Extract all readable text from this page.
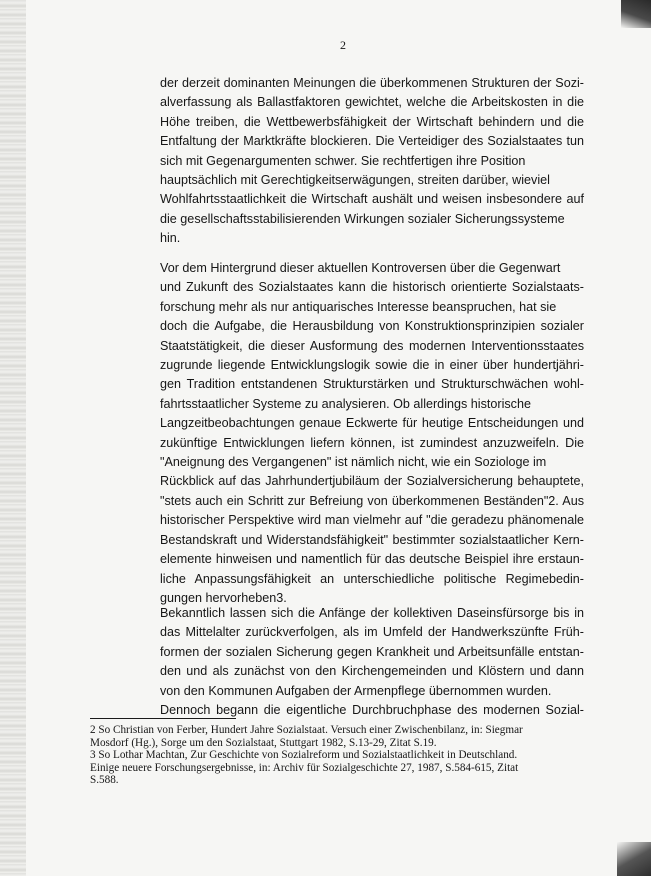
2
der derzeit dominanten Meinungen die überkommenen Strukturen der Sozi-
alverfassung als Ballastfaktoren gewichtet, welche die Arbeitskosten in die
Höhe treiben, die Wettbewerbsfähigkeit der Wirtschaft behindern und die
Entfaltung der Marktkräfte blockieren. Die Verteidiger des Sozialstaates tun
sich mit Gegenargumenten schwer. Sie rechtfertigen ihre Position
hauptsächlich mit Gerechtigkeitserwägungen, streiten darüber, wieviel
Wohlfahrtsstaatlichkeit die Wirtschaft aushält und weisen insbesondere auf
die gesellschaftsstabilisierenden Wirkungen sozialer Sicherungssysteme
hin.
Vor dem Hintergrund dieser aktuellen Kontroversen über die Gegenwart
und Zukunft des Sozialstaates kann die historisch orientierte Sozialstaats-
forschung mehr als nur antiquarisches Interesse beanspruchen, hat sie
doch die Aufgabe, die Herausbildung von Konstruktionsprinzipien sozialer
Staatstätigkeit, die dieser Ausformung des modernen Interventionsstaates
zugrunde liegende Entwicklungslogik sowie die in einer über hundertjähri-
gen Tradition entstandenen Strukturstärken und Strukturschwächen wohl-
fahrtsstaatlicher Systeme zu analysieren. Ob allerdings historische
Langzeitbeobachtungen genaue Eckwerte für heutige Entscheidungen und
zukünftige Entwicklungen liefern können, ist zumindest anzuzweifeln. Die
"Aneignung des Vergangenen" ist nämlich nicht, wie ein Soziologe im
Rückblick auf das Jahrhundertjubiläum der Sozialversicherung behauptete,
"stets auch ein Schritt zur Befreiung von überkommenen Beständen"2. Aus
historischer Perspektive wird man vielmehr auf "die geradezu phänomenale
Bestandskraft und Widerstandsfähigkeit" bestimmter sozialstaatlicher Kern-
elemente hinweisen und namentlich für das deutsche Beispiel ihre erstaun-
liche Anpassungsfähigkeit an unterschiedliche politische Regimebedin-
gungen hervorheben3.
Bekanntlich lassen sich die Anfänge der kollektiven Daseinsfürsorge bis in
das Mittelalter zurückverfolgen, als im Umfeld der Handwerkszünfte Früh-
formen der sozialen Sicherung gegen Krankheit und Arbeitsunfälle entstan-
den und als zunächst von den Kirchengemeinden und Klöstern und dann
von den Kommunen Aufgaben der Armenpflege übernommen wurden.
Dennoch begann die eigentliche Durchbruchphase des modernen Sozial-
2 So Christian von Ferber, Hundert Jahre Sozialstaat. Versuch einer Zwischenbilanz, in: Siegmar
Mosdorf (Hg.), Sorge um den Sozialstaat, Stuttgart 1982, S.13-29, Zitat S.19.
3 So Lothar Machtan, Zur Geschichte von Sozialreform und Sozialstaatlichkeit in Deutschland.
Einige neuere Forschungsergebnisse, in: Archiv für Sozialgeschichte 27, 1987, S.584-615, Zitat
S.588.
